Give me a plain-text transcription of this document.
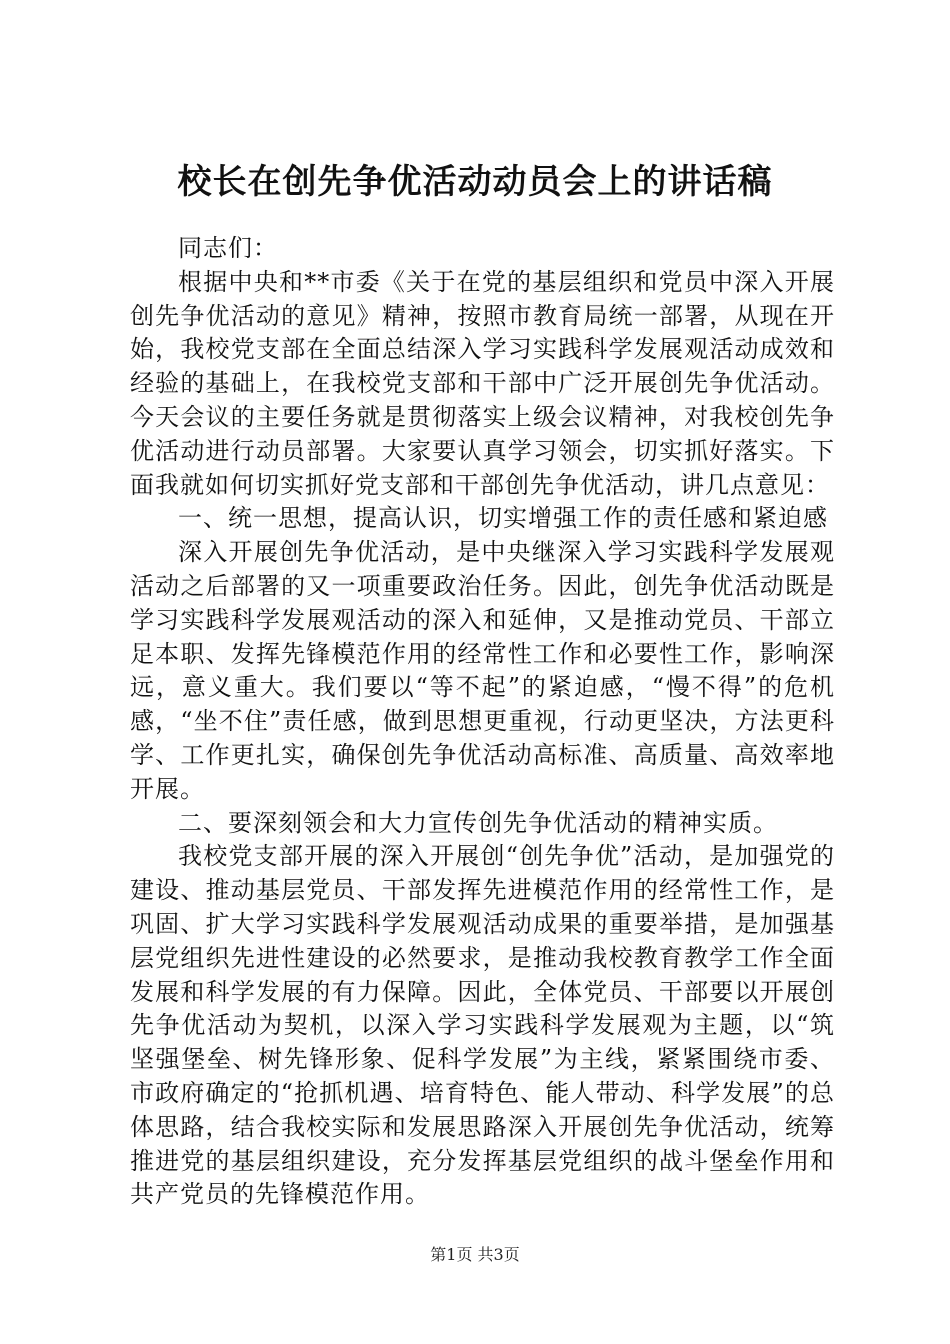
校长在创先争优活动动员会上的讲话稿

同志们：

根据中央和**市委《关于在党的基层组织和党员中深入开展创先争优活动的意见》精神，按照市教育局统一部署，从现在开始，我校党支部在全面总结深入学习实践科学发展观活动成效和经验的基础上，在我校党支部和干部中广泛开展创先争优活动。今天会议的主要任务就是贯彻落实上级会议精神，对我校创先争优活动进行动员部署。大家要认真学习领会，切实抓好落实。下面我就如何切实抓好党支部和干部创先争优活动，讲几点意见：

一、统一思想，提高认识，切实增强工作的责任感和紧迫感

深入开展创先争优活动，是中央继深入学习实践科学发展观活动之后部署的又一项重要政治任务。因此，创先争优活动既是学习实践科学发展观活动的深入和延伸，又是推动党员、干部立足本职、发挥先锋模范作用的经常性工作和必要性工作，影响深远，意义重大。我们要以“等不起”的紧迫感，“慢不得”的危机感，“坐不住”责任感，做到思想更重视，行动更坚决，方法更科学、工作更扎实，确保创先争优活动高标准、高质量、高效率地开展。

二、要深刻领会和大力宣传创先争优活动的精神实质。

我校党支部开展的深入开展创“创先争优”活动，是加强党的建设、推动基层党员、干部发挥先进模范作用的经常性工作，是巩固、扩大学习实践科学发展观活动成果的重要举措，是加强基层党组织先进性建设的必然要求，是推动我校教育教学工作全面发展和科学发展的有力保障。因此，全体党员、干部要以开展创先争优活动为契机，以深入学习实践科学发展观为主题，以“筑坚强堡垒、树先锋形象、促科学发展”为主线，紧紧围绕市委、市政府确定的“抢抓机遇、培育特色、能人带动、科学发展”的总体思路，结合我校实际和发展思路深入开展创先争优活动，统筹推进党的基层组织建设，充分发挥基层党组织的战斗堡垒作用和共产党员的先锋模范作用。

第1页 共3页
